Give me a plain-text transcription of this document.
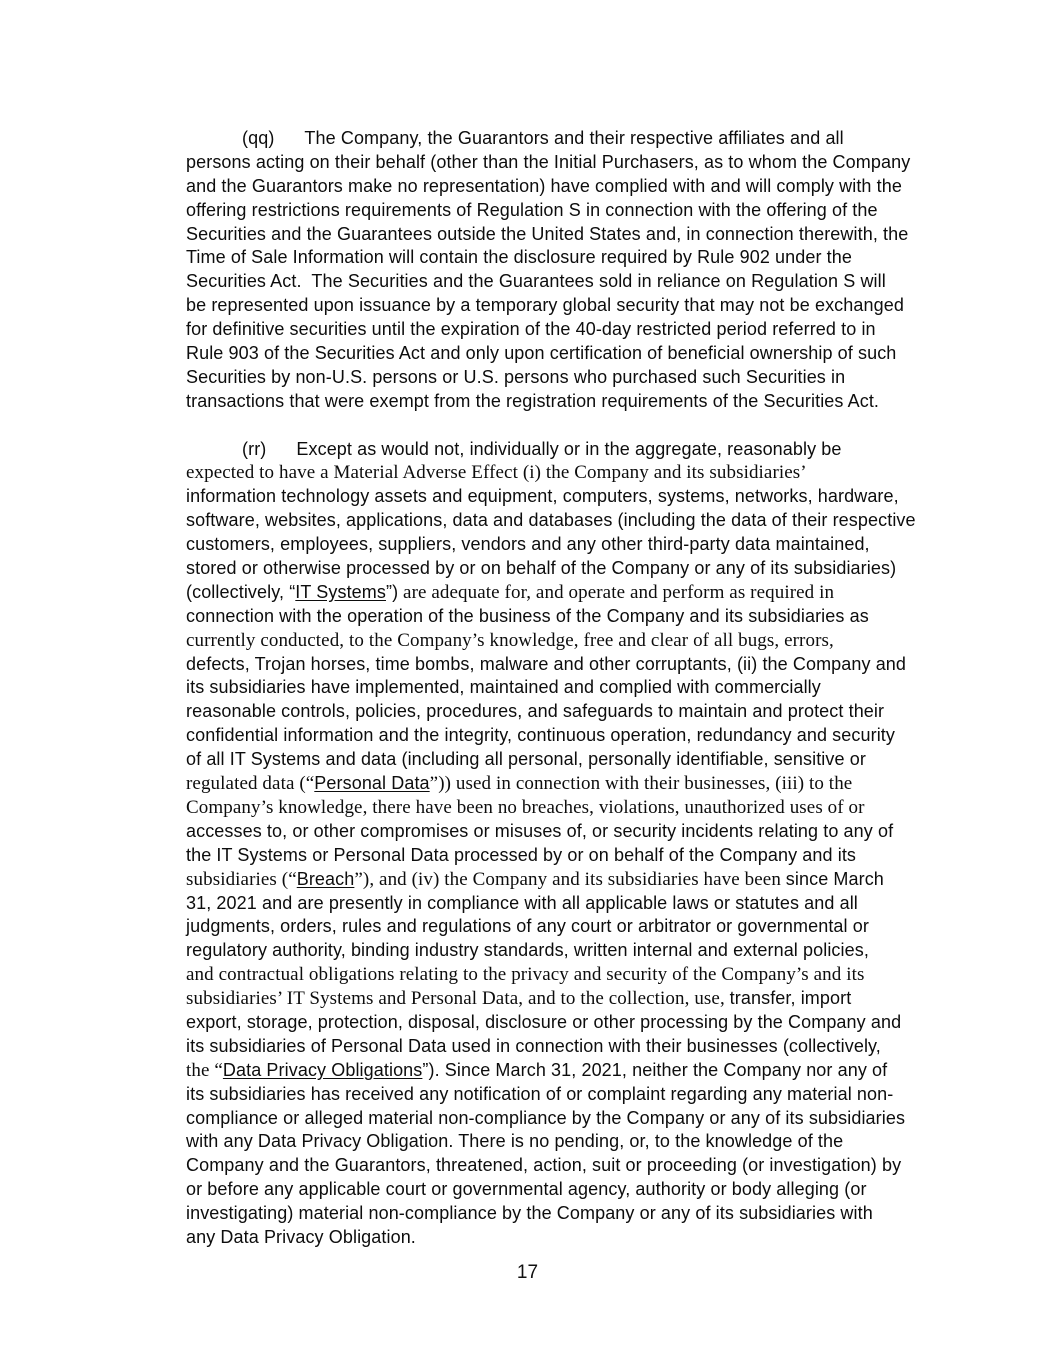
(qq) The Company, the Guarantors and their respective affiliates and all
persons acting on their behalf (other than the Initial Purchasers, as to whom the Company
and the Guarantors make no representation) have complied with and will comply with the
offering restrictions requirements of Regulation S in connection with the offering of the
Securities and the Guarantees outside the United States and, in connection therewith, the
Time of Sale Information will contain the disclosure required by Rule 902 under the
Securities Act.  The Securities and the Guarantees sold in reliance on Regulation S will
be represented upon issuance by a temporary global security that may not be exchanged
for definitive securities until the expiration of the 40-day restricted period referred to in
Rule 903 of the Securities Act and only upon certification of beneficial ownership of such
Securities by non-U.S. persons or U.S. persons who purchased such Securities in
transactions that were exempt from the registration requirements of the Securities Act.
(rr) Except as would not, individually or in the aggregate, reasonably be
expected to have a Material Adverse Effect (i) the Company and its subsidiaries’
information technology assets and equipment, computers, systems, networks, hardware,
software, websites, applications, data and databases (including the data of their respective
customers, employees, suppliers, vendors and any other third-party data maintained,
stored or otherwise processed by or on behalf of the Company or any of its subsidiaries)
(collectively, “IT Systems”) are adequate for, and operate and perform as required in
connection with the operation of the business of the Company and its subsidiaries as
currently conducted, to the Company’s knowledge, free and clear of all bugs, errors,
defects, Trojan horses, time bombs, malware and other corruptants, (ii) the Company and
its subsidiaries have implemented, maintained and complied with commercially
reasonable controls, policies, procedures, and safeguards to maintain and protect their
confidential information and the integrity, continuous operation, redundancy and security
of all IT Systems and data (including all personal, personally identifiable, sensitive or
regulated data (“Personal Data”)) used in connection with their businesses, (iii) to the
Company’s knowledge, there have been no breaches, violations, unauthorized uses of or
accesses to, or other compromises or misuses of, or security incidents relating to any of
the IT Systems or Personal Data processed by or on behalf of the Company and its
subsidiaries (“Breach”), and (iv) the Company and its subsidiaries have been since March
31, 2021 and are presently in compliance with all applicable laws or statutes and all
judgments, orders, rules and regulations of any court or arbitrator or governmental or
regulatory authority, binding industry standards, written internal and external policies,
and contractual obligations relating to the privacy and security of the Company’s and its
subsidiaries’ IT Systems and Personal Data, and to the collection, use, transfer, import
export, storage, protection, disposal, disclosure or other processing by the Company and
its subsidiaries of Personal Data used in connection with their businesses (collectively,
the “Data Privacy Obligations”). Since March 31, 2021, neither the Company nor any of
its subsidiaries has received any notification of or complaint regarding any material non-
compliance or alleged material non-compliance by the Company or any of its subsidiaries
with any Data Privacy Obligation. There is no pending, or, to the knowledge of the
Company and the Guarantors, threatened, action, suit or proceeding (or investigation) by
or before any applicable court or governmental agency, authority or body alleging (or
investigating) material non-compliance by the Company or any of its subsidiaries with
any Data Privacy Obligation.
17
